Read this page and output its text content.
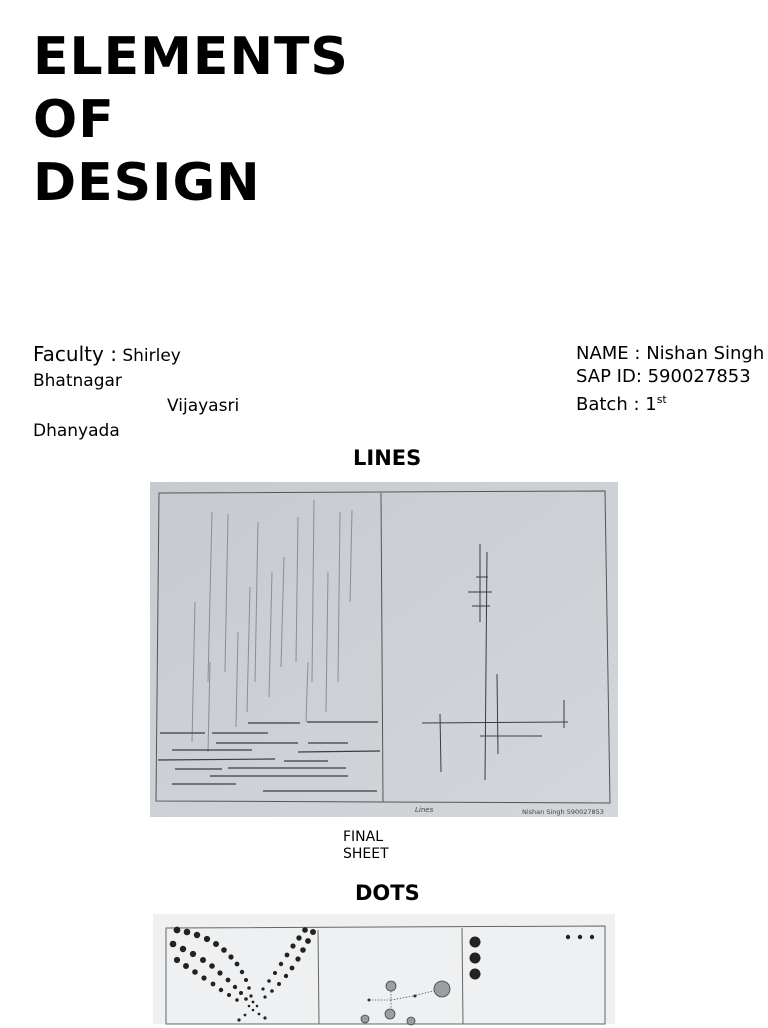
ELEMENTS
OF
DESIGN
Faculty : Shirley
Bhatnagar

Vijayasri
Dhanyada
NAME : Nishan Singh
SAP ID: 590027853
Batch : 1st
LINES
Lines	Nishan Singh 590027853
FINAL
SHEET
DOTS
